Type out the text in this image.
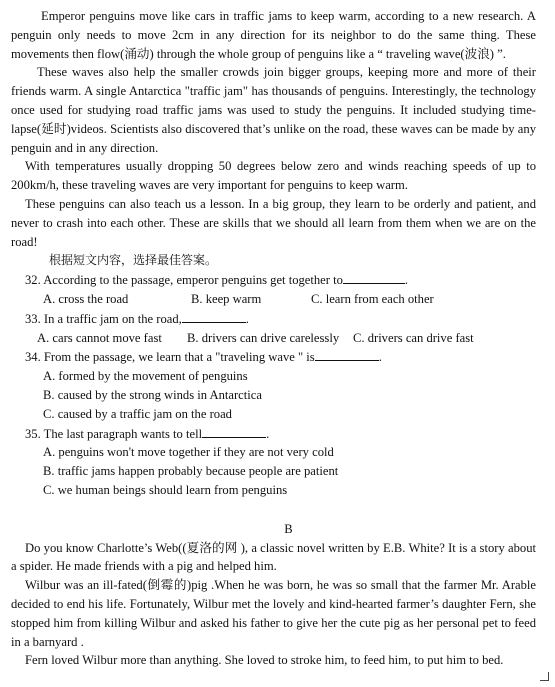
Emperor penguins move like cars in traffic jams to keep warm, according to a new research. A penguin only needs to move 2cm in any direction for its neighbor to do the same thing. These movements then flow(涌动) through the whole group of penguins like a “ traveling wave(波浪) ”.

These waves also help the smaller crowds join bigger groups, keeping more and more of their friends warm. A single Antarctica "traffic jam" has thousands of penguins. Interestingly, the technology once used for studying road traffic jams was used to study the penguins. It included studying time-lapse(延时)videos. Scientists also discovered that’s unlike on the road, these waves can be made by any penguin and in any direction.

With temperatures usually dropping 50 degrees below zero and winds reaching speeds of up to 200km/h, these traveling waves are very important for penguins to keep warm.

These penguins can also teach us a lesson. In a big group, they learn to be orderly and patient, and never to crash into each other. These are skills that we should all learn from them when we are on the road!

根据短文内容，选择最佳答案。

32. According to the passage, emperor penguins get together to	.

A. cross the road	B. keep warm	C. learn from each other

33. In a traffic jam on the road,	.

A. cars cannot move fast	B. drivers can drive carelessly	C. drivers can drive fast

34. From the passage, we learn that a "traveling wave " is	.

A. formed by the movement of penguins

B. caused by the strong winds in Antarctica

C. caused by a traffic jam on the road

35. The last paragraph wants to tell	.

A. penguins won't move together if they are not very cold

B. traffic jams happen probably because people are patient

C. we human beings should learn from penguins

B

Do you know Charlotte’s Web((夏洛的网 ), a classic novel written by E.B. White? It is a story about a spider. He made friends with a pig and helped him.

Wilbur was an ill-fated(倒霉的)pig .When he was born, he was so small that the farmer Mr. Arable decided to end his life. Fortunately, Wilbur met the lovely and kind-hearted farmer’s daughter Fern, she stopped him from killing Wilbur and asked his father to give her the cute pig as her personal pet to feed in a barnyard .

Fern loved Wilbur more than anything. She loved to stroke him, to feed him, to put him to bed.
